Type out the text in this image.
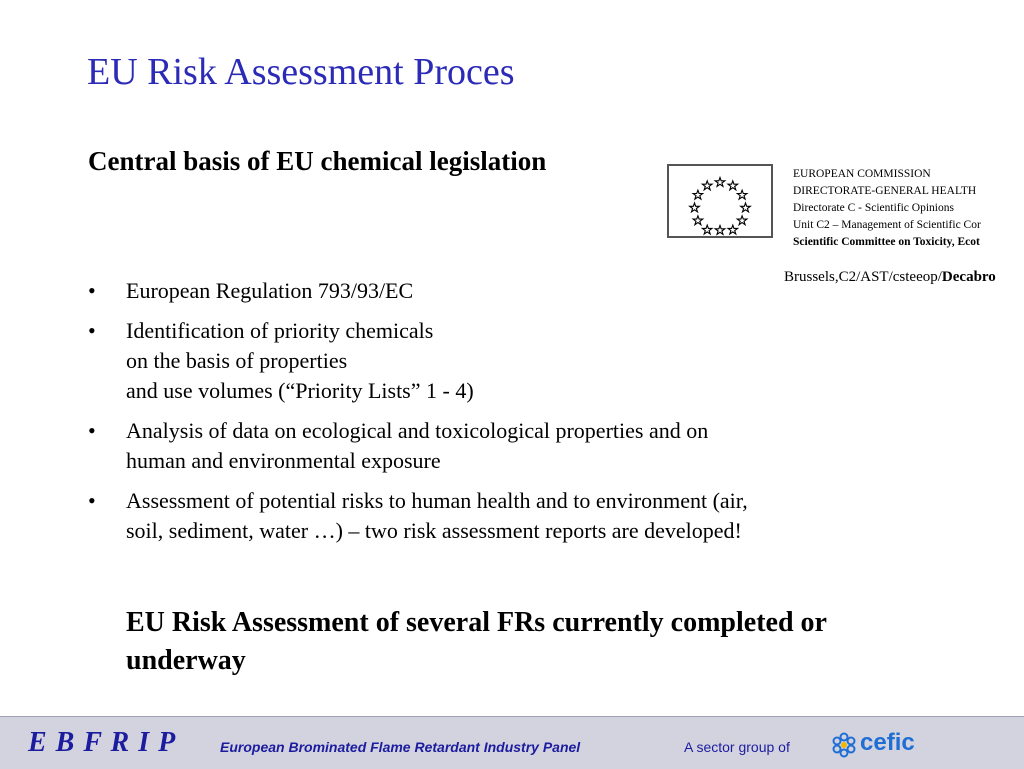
EU Risk Assessment Proces
Central basis of EU chemical legislation
• European Regulation 793/93/EC
• Identification of priority chemicals
on the basis of properties
and use volumes (“Priority Lists” 1 - 4)
• Analysis of data on ecological and toxicological properties and on
human and environmental exposure
• Assessment of potential risks to human health and to environment (air,
soil, sediment, water …) – two risk assessment reports are developed!

EU Risk Assessment of several FRs currently completed or underway

EUROPEAN COMMISSION
DIRECTORATE-GENERAL HEALTH
Directorate C - Scientific Opinions
Unit C2 – Management of Scientific Cor
Scientific Committee on Toxicity, Ecot
Brussels,C2/AST/csteeop/Decabro
E B F R I P	European Brominated Flame Retardant Industry Panel	A sector group of	cefic
